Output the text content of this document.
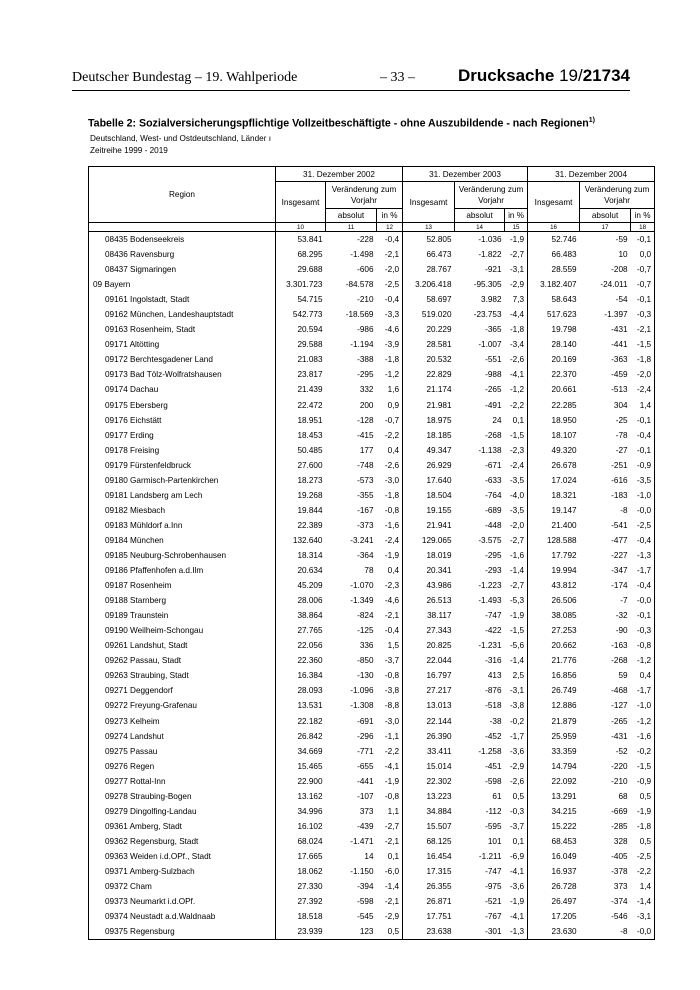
Deutscher Bundestag – 19. Wahlperiode	– 33 –	Drucksache 19/21734
Tabelle 2: Sozialversicherungspflichtige Vollzeitbeschäftigte - ohne Auszubildende - nach Regionen$^{1)}$
Deutschland, West- und Ostdeutschland, Länder ı
Zeitreihe 1999 - 2019
Region	31. Dezember 2002			31. Dezember 2003			31. Dezember 2004		
	Insgesamt	Veränderung zum Vorjahr		Insgesamt	Veränderung zum Vorjahr		Insgesamt	Veränderung zum Vorjahr	
		absolut	in %		absolut	in %		absolut	in %
	10	11	12	13	14	15	16	17	18
08435 Bodenseekreis	53.841	-228	-0,4	52.805	-1.036	-1,9	52.746	-59	-0,1
08436 Ravensburg	68.295	-1.498	-2,1	66.473	-1.822	-2,7	66.483	10	0,0
08437 Sigmaringen	29.688	-606	-2,0	28.767	-921	-3,1	28.559	-208	-0,7
09 Bayern	3.301.723	-84.578	-2,5	3.206.418	-95.305	-2,9	3.182.407	-24.011	-0,7
09161 Ingolstadt, Stadt	54.715	-210	-0,4	58.697	3.982	7,3	58.643	-54	-0,1
09162 München, Landeshauptstadt	542.773	-18.569	-3,3	519.020	-23.753	-4,4	517.623	-1.397	-0,3
09163 Rosenheim, Stadt	20.594	-986	-4,6	20.229	-365	-1,8	19.798	-431	-2,1
09171 Altötting	29.588	-1.194	-3,9	28.581	-1.007	-3,4	28.140	-441	-1,5
09172 Berchtesgadener Land	21.083	-388	-1,8	20.532	-551	-2,6	20.169	-363	-1,8
09173 Bad Tölz-Wolfratshausen	23.817	-295	-1,2	22.829	-988	-4,1	22.370	-459	-2,0
09174 Dachau	21.439	332	1,6	21.174	-265	-1,2	20.661	-513	-2,4
09175 Ebersberg	22.472	200	0,9	21.981	-491	-2,2	22.285	304	1,4
09176 Eichstätt	18.951	-128	-0,7	18.975	24	0,1	18.950	-25	-0,1
09177 Erding	18.453	-415	-2,2	18.185	-268	-1,5	18.107	-78	-0,4
09178 Freising	50.485	177	0,4	49.347	-1.138	-2,3	49.320	-27	-0,1
09179 Fürstenfeldbruck	27.600	-748	-2,6	26.929	-671	-2,4	26.678	-251	-0,9
09180 Garmisch-Partenkirchen	18.273	-573	-3,0	17.640	-633	-3,5	17.024	-616	-3,5
09181 Landsberg am Lech	19.268	-355	-1,8	18.504	-764	-4,0	18.321	-183	-1,0
09182 Miesbach	19.844	-167	-0,8	19.155	-689	-3,5	19.147	-8	-0,0
09183 Mühldorf a.Inn	22.389	-373	-1,6	21.941	-448	-2,0	21.400	-541	-2,5
09184 München	132.640	-3.241	-2,4	129.065	-3.575	-2,7	128.588	-477	-0,4
09185 Neuburg-Schrobenhausen	18.314	-364	-1,9	18.019	-295	-1,6	17.792	-227	-1,3
09186 Pfaffenhofen a.d.Ilm	20.634	78	0,4	20.341	-293	-1,4	19.994	-347	-1,7
09187 Rosenheim	45.209	-1.070	-2,3	43.986	-1.223	-2,7	43.812	-174	-0,4
09188 Starnberg	28.006	-1.349	-4,6	26.513	-1.493	-5,3	26.506	-7	-0,0
09189 Traunstein	38.864	-824	-2,1	38.117	-747	-1,9	38.085	-32	-0,1
09190 Weilheim-Schongau	27.765	-125	-0,4	27.343	-422	-1,5	27.253	-90	-0,3
09261 Landshut, Stadt	22.056	336	1,5	20.825	-1.231	-5,6	20.662	-163	-0,8
09262 Passau, Stadt	22.360	-850	-3,7	22.044	-316	-1,4	21.776	-268	-1,2
09263 Straubing, Stadt	16.384	-130	-0,8	16.797	413	2,5	16.856	59	0,4
09271 Deggendorf	28.093	-1.096	-3,8	27.217	-876	-3,1	26.749	-468	-1,7
09272 Freyung-Grafenau	13.531	-1.308	-8,8	13.013	-518	-3,8	12.886	-127	-1,0
09273 Kelheim	22.182	-691	-3,0	22.144	-38	-0,2	21.879	-265	-1,2
09274 Landshut	26.842	-296	-1,1	26.390	-452	-1,7	25.959	-431	-1,6
09275 Passau	34.669	-771	-2,2	33.411	-1.258	-3,6	33.359	-52	-0,2
09276 Regen	15.465	-655	-4,1	15.014	-451	-2,9	14.794	-220	-1,5
09277 Rottal-Inn	22.900	-441	-1,9	22.302	-598	-2,6	22.092	-210	-0,9
09278 Straubing-Bogen	13.162	-107	-0,8	13.223	61	0,5	13.291	68	0,5
09279 Dingolfing-Landau	34.996	373	1,1	34.884	-112	-0,3	34.215	-669	-1,9
09361 Amberg, Stadt	16.102	-439	-2,7	15.507	-595	-3,7	15.222	-285	-1,8
09362 Regensburg, Stadt	68.024	-1.471	-2,1	68.125	101	0,1	68.453	328	0,5
09363 Weiden i.d.OPf., Stadt	17.665	14	0,1	16.454	-1.211	-6,9	16.049	-405	-2,5
09371 Amberg-Sulzbach	18.062	-1.150	-6,0	17.315	-747	-4,1	16.937	-378	-2,2
09372 Cham	27.330	-394	-1,4	26.355	-975	-3,6	26.728	373	1,4
09373 Neumarkt i.d.OPf.	27.392	-598	-2,1	26.871	-521	-1,9	26.497	-374	-1,4
09374 Neustadt a.d.Waldnaab	18.518	-545	-2,9	17.751	-767	-4,1	17.205	-546	-3,1
09375 Regensburg	23.939	123	0,5	23.638	-301	-1,3	23.630	-8	-0,0
